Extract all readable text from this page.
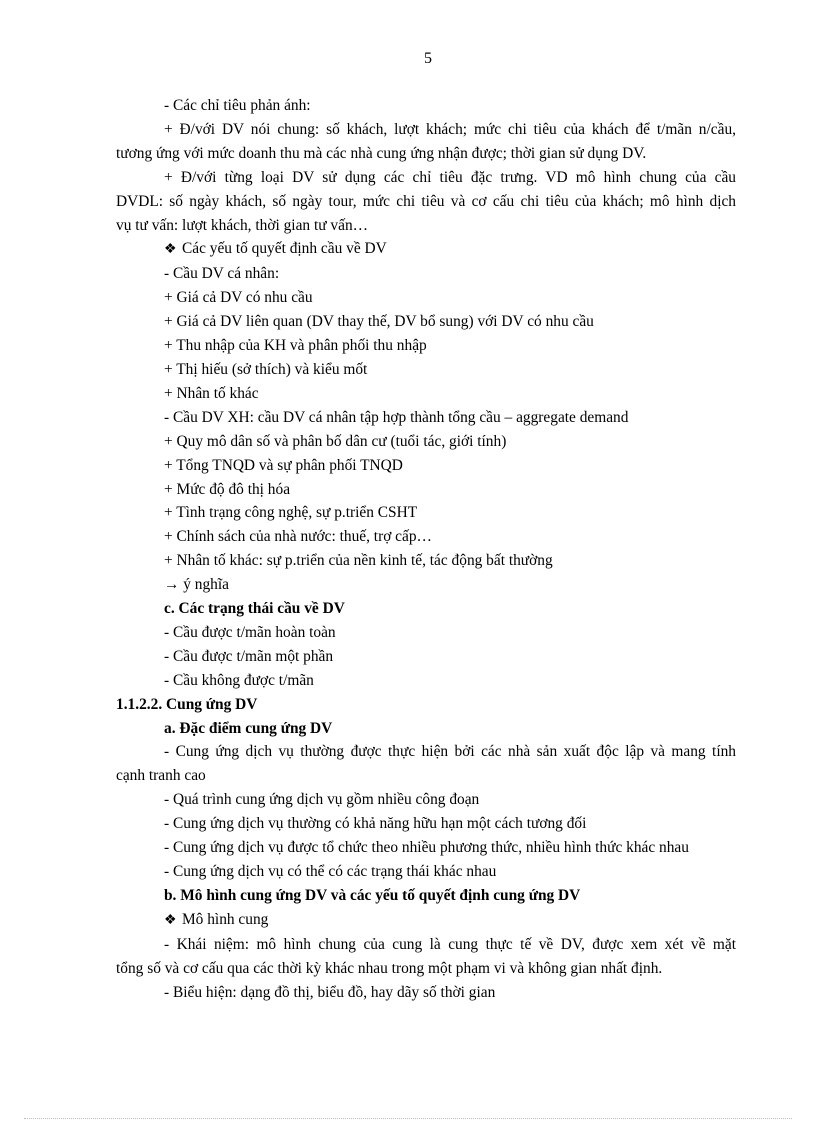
5
- Các chỉ tiêu phản ánh:
+ Đ/với DV nói chung: số khách, lượt khách; mức chi tiêu của khách để t/mãn n/cầu,
tương ứng với mức doanh thu mà các nhà cung ứng nhận được; thời gian sử dụng DV.
+ Đ/với từng loại DV sử dụng các chỉ tiêu đặc trưng. VD mô hình chung của cầu
DVDL: số ngày khách, số ngày tour, mức chi tiêu và cơ cấu chi tiêu của khách; mô hình dịch
vụ tư vấn: lượt khách, thời gian tư vấn…
❖ Các yếu tố quyết định cầu về DV
- Cầu DV cá nhân:
+ Giá cả DV có nhu cầu
+ Giá cả DV liên quan (DV thay thế, DV bổ sung) với DV có nhu cầu
+ Thu nhập của KH và phân phối thu nhập
+ Thị hiếu (sở thích) và kiểu mốt
+ Nhân tố khác
- Cầu DV XH: cầu DV cá nhân tập hợp thành tổng cầu – aggregate demand
+ Quy mô dân số và phân bố dân cư (tuổi tác, giới tính)
+ Tổng TNQD và sự phân phối TNQD
+ Mức độ đô thị hóa
+ Tình trạng công nghệ, sự p.triển CSHT
+ Chính sách của nhà nước: thuế, trợ cấp…
+ Nhân tố khác: sự p.triển của nền kinh tế, tác động bất thường
→ ý nghĩa
c. Các trạng thái cầu về DV
- Cầu được t/mãn hoàn toàn
- Cầu được t/mãn một phần
- Cầu không được t/mãn
1.1.2.2. Cung ứng DV
a. Đặc điểm cung ứng DV
- Cung ứng dịch vụ thường được thực hiện bởi các nhà sản xuất độc lập và mang tính
cạnh tranh cao
- Quá trình cung ứng dịch vụ gồm nhiều công đoạn
- Cung ứng dịch vụ thường có khả năng hữu hạn một cách tương đối
- Cung ứng dịch vụ được tổ chức theo nhiều phương thức, nhiều hình thức khác nhau
- Cung ứng dịch vụ có thể có các trạng thái khác nhau
b. Mô hình cung ứng DV và các yếu tố quyết định cung ứng DV
❖ Mô hình cung
- Khái niệm: mô hình chung của cung là cung thực tế về DV, được xem xét về mặt
tổng số và cơ cấu qua các thời kỳ khác nhau trong một phạm vi và không gian nhất định.
- Biểu hiện: dạng đồ thị, biểu đồ, hay dãy số thời gian
